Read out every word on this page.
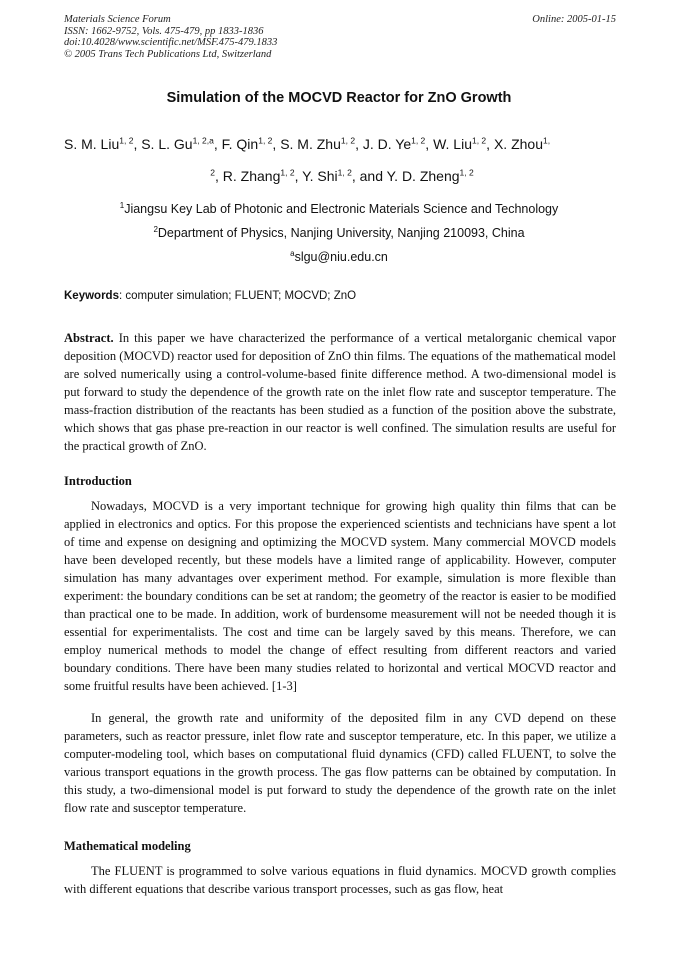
Materials Science Forum
ISSN: 1662-9752, Vols. 475-479, pp 1833-1836
doi:10.4028/www.scientific.net/MSF.475-479.1833
© 2005 Trans Tech Publications Ltd, Switzerland
Online: 2005-01-15
Simulation of the MOCVD Reactor for ZnO Growth
S. M. Liu$^{1, 2}$, S. L. Gu$^{1, 2,a}$, F. Qin$^{1, 2}$, S. M. Zhu$^{1, 2}$, J. D. Ye$^{1, 2}$, W. Liu$^{1, 2}$, X. Zhou$^{1,}$
$^2$, R. Zhang$^{1, 2}$, Y. Shi$^{1, 2}$, and Y. D. Zheng$^{1, 2}$
$^1$Jiangsu Key Lab of Photonic and Electronic Materials Science and Technology
$^2$Department of Physics, Nanjing University, Nanjing 210093, China
$^a$slgu@niu.edu.cn
Keywords: computer simulation; FLUENT; MOCVD; ZnO
Abstract. In this paper we have characterized the performance of a vertical metalorganic chemical vapor deposition (MOCVD) reactor used for deposition of ZnO thin films. The equations of the mathematical model are solved numerically using a control-volume-based finite difference method. A two-dimensional model is put forward to study the dependence of the growth rate on the inlet flow rate and susceptor temperature. The mass-fraction distribution of the reactants has been studied as a function of the position above the substrate, which shows that gas phase pre-reaction in our reactor is well confined. The simulation results are useful for the practical growth of ZnO.
Introduction
Nowadays, MOCVD is a very important technique for growing high quality thin films that can be applied in electronics and optics. For this propose the experienced scientists and technicians have spent a lot of time and expense on designing and optimizing the MOCVD system. Many commercial MOVCD models have been developed recently, but these models have a limited range of applicability. However, computer simulation has many advantages over experiment method. For example, simulation is more flexible than experiment: the boundary conditions can be set at random; the geometry of the reactor is easier to be modified than practical one to be made. In addition, work of burdensome measurement will not be needed though it is essential for experimentalists. The cost and time can be largely saved by this means. Therefore, we can employ numerical methods to model the change of effect resulting from different reactors and varied boundary conditions. There have been many studies related to horizontal and vertical MOCVD reactor and some fruitful results have been achieved. [1-3]
In general, the growth rate and uniformity of the deposited film in any CVD depend on these parameters, such as reactor pressure, inlet flow rate and susceptor temperature, etc. In this paper, we utilize a computer-modeling tool, which bases on computational fluid dynamics (CFD) called FLUENT, to solve the various transport equations in the growth process. The gas flow patterns can be obtained by computation. In this study, a two-dimensional model is put forward to study the dependence of the growth rate on the inlet flow rate and susceptor temperature.
Mathematical modeling
The FLUENT is programmed to solve various equations in fluid dynamics. MOCVD growth complies with different equations that describe various transport processes, such as gas flow, heat
